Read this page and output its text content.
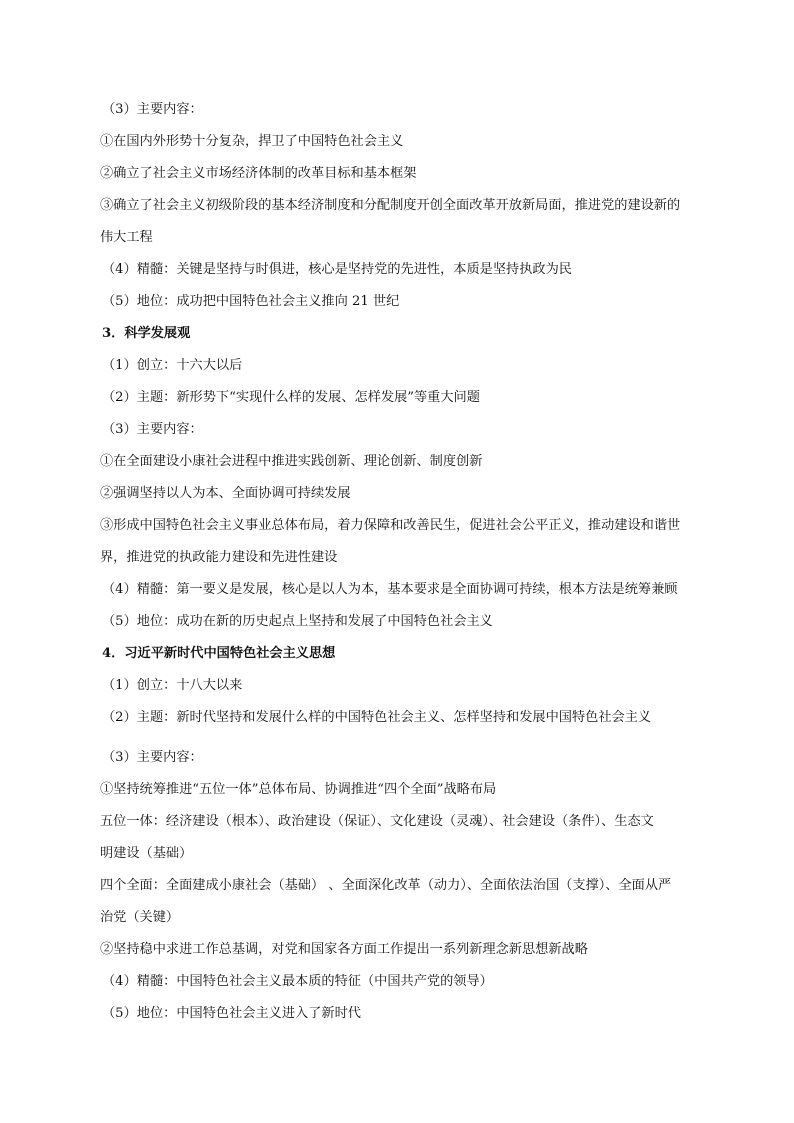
（3）主要内容：
①在国内外形势十分复杂，捍卫了中国特色社会主义
②确立了社会主义市场经济体制的改革目标和基本框架
③确立了社会主义初级阶段的基本经济制度和分配制度开创全面改革开放新局面，推进党的建设新的
伟大工程
（4）精髓：关键是坚持与时俱进，核心是坚持党的先进性，本质是坚持执政为民
（5）地位：成功把中国特色社会主义推向 21 世纪
3．科学发展观
（1）创立：十六大以后
（2）主题：新形势下“实现什么样的发展、怎样发展”等重大问题
（3）主要内容：
①在全面建设小康社会进程中推进实践创新、理论创新、制度创新
②强调坚持以人为本、全面协调可持续发展
③形成中国特色社会主义事业总体布局，着力保障和改善民生，促进社会公平正义，推动建设和谐世
界，推进党的执政能力建设和先进性建设
（4）精髓：第一要义是发展，核心是以人为本，基本要求是全面协调可持续，根本方法是统筹兼顾
（5）地位：成功在新的历史起点上坚持和发展了中国特色社会主义
4．习近平新时代中国特色社会主义思想
（1）创立：十八大以来
（2）主题：新时代坚持和发展什么样的中国特色社会主义、怎样坚持和发展中国特色社会主义
（3）主要内容：
①坚持统筹推进“五位一体”总体布局、协调推进“四个全面”战略布局
五位一体：经济建设（根本）、政治建设（保证）、文化建设（灵魂）、社会建设（条件）、生态文
明建设（基础）
四个全面：全面建成小康社会（基础） 、全面深化改革（动力）、全面依法治国（支撑）、全面从严
治党（关键）
②坚持稳中求进工作总基调，对党和国家各方面工作提出一系列新理念新思想新战略
（4）精髓：中国特色社会主义最本质的特征（中国共产党的领导）
（5）地位：中国特色社会主义进入了新时代
